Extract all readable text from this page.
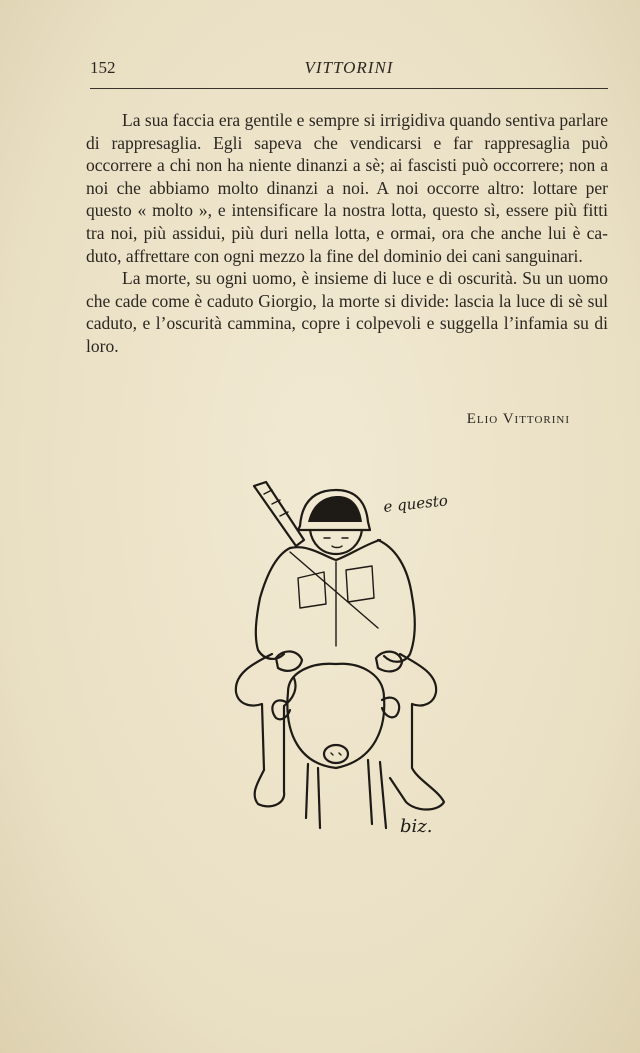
152	VITTORINI

La sua faccia era gentile e sempre si irrigidiva quando sentiva parlare di rappresaglia. Egli sapeva che vendicarsi e far rappresaglia può occorrere a chi non ha niente dinanzi a sè; ai fascisti può occorrere; non a noi che abbiamo molto dinanzi a noi. A noi occorre altro: lottare per questo « molto », e intensificare la nostra lotta, questo sì, essere più fitti tra noi, più assidui, più duri nella lotta, e ormai, ora che anche lui è caduto, affrettare con ogni mezzo la fine del dominio dei cani sanguinari.

La morte, su ogni uomo, è insieme di luce e di oscurità. Su un uomo che cade come è caduto Giorgio, la morte si divide: lascia la luce di sè sul caduto, e l’oscurità cammina, copre i colpevoli e suggella l’infamia su di loro.

Elio Vittorini
biz.
e questo
